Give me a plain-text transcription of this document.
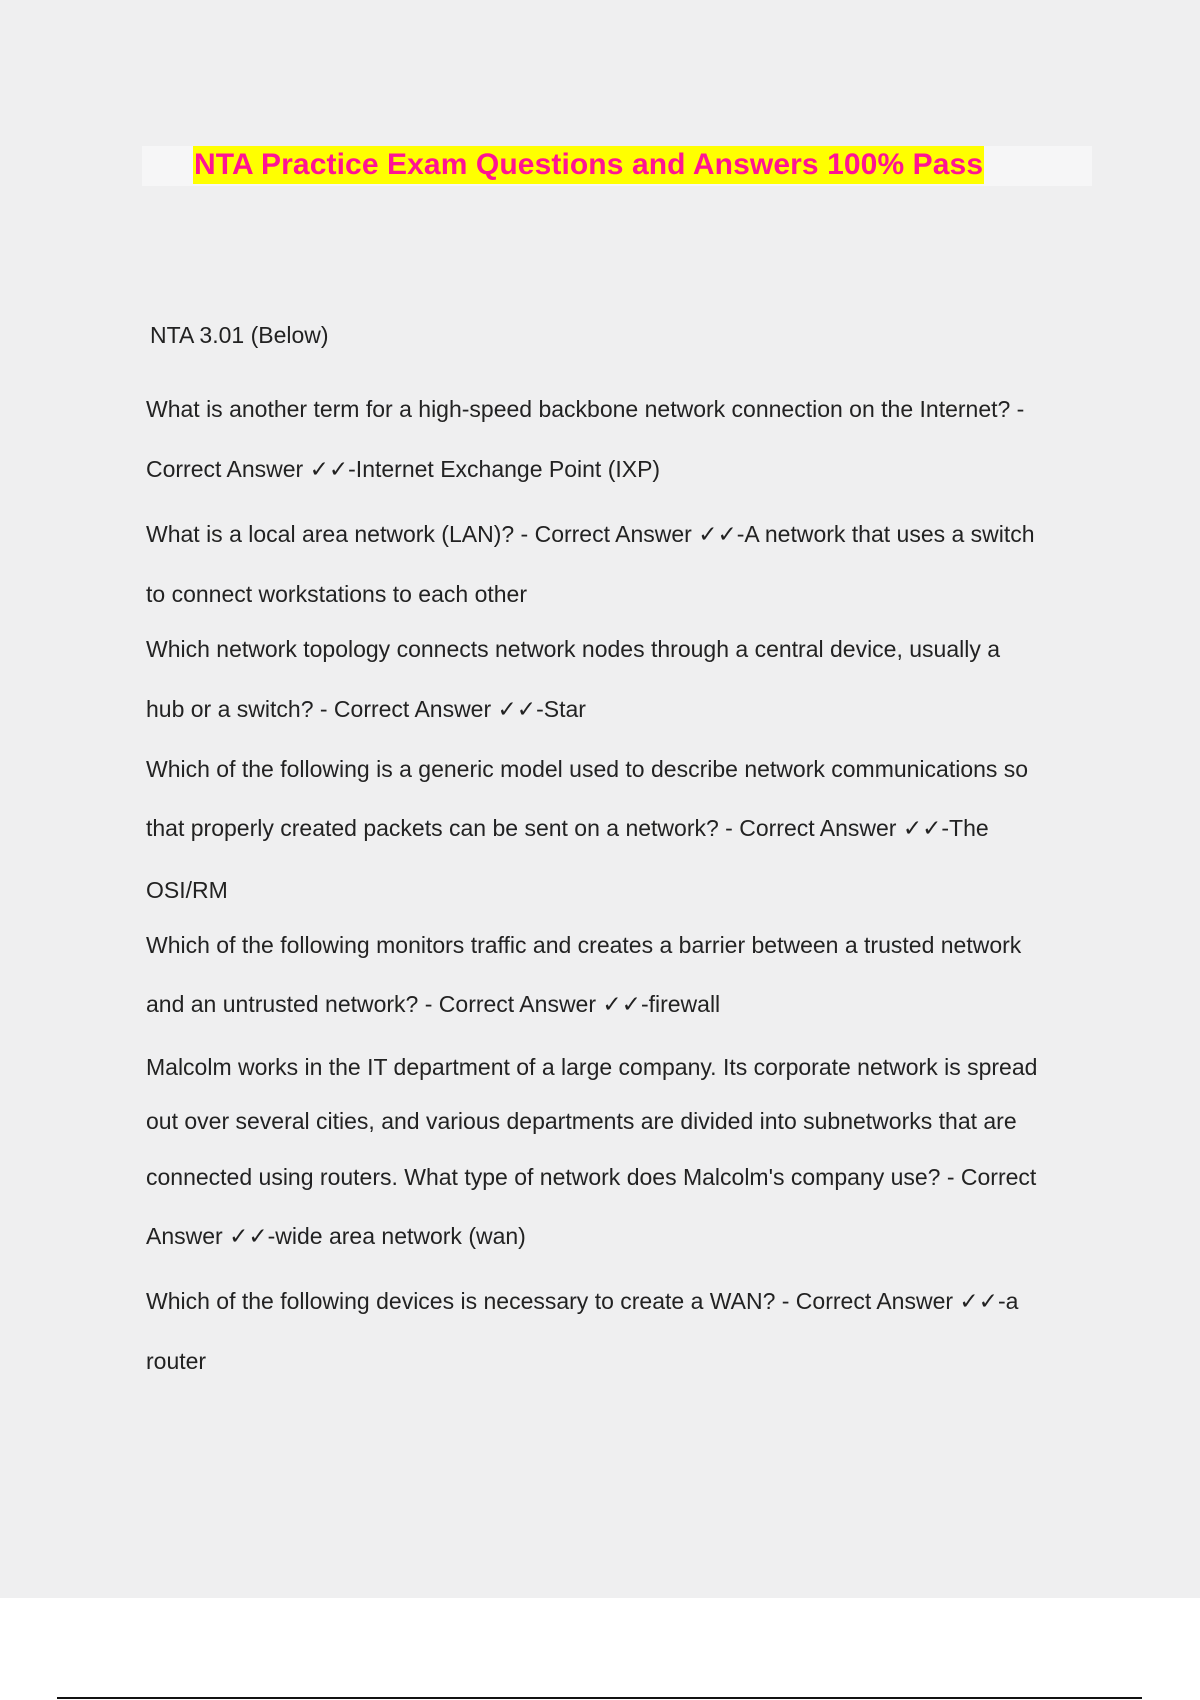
NTA Practice Exam Questions and Answers 100% Pass
NTA 3.01 (Below)
What is another term for a high-speed backbone network connection on the Internet? -
Correct Answer ✓✓-Internet Exchange Point (IXP)
What is a local area network (LAN)? - Correct Answer ✓✓-A network that uses a switch
to connect workstations to each other
Which network topology connects network nodes through a central device, usually a
hub or a switch? - Correct Answer ✓✓-Star
Which of the following is a generic model used to describe network communications so
that properly created packets can be sent on a network? - Correct Answer ✓✓-The
OSI/RM
Which of the following monitors traffic and creates a barrier between a trusted network
and an untrusted network? - Correct Answer ✓✓-firewall
Malcolm works in the IT department of a large company. Its corporate network is spread
out over several cities, and various departments are divided into subnetworks that are
connected using routers. What type of network does Malcolm's company use? - Correct
Answer ✓✓-wide area network (wan)
Which of the following devices is necessary to create a WAN? - Correct Answer ✓✓-a
router
